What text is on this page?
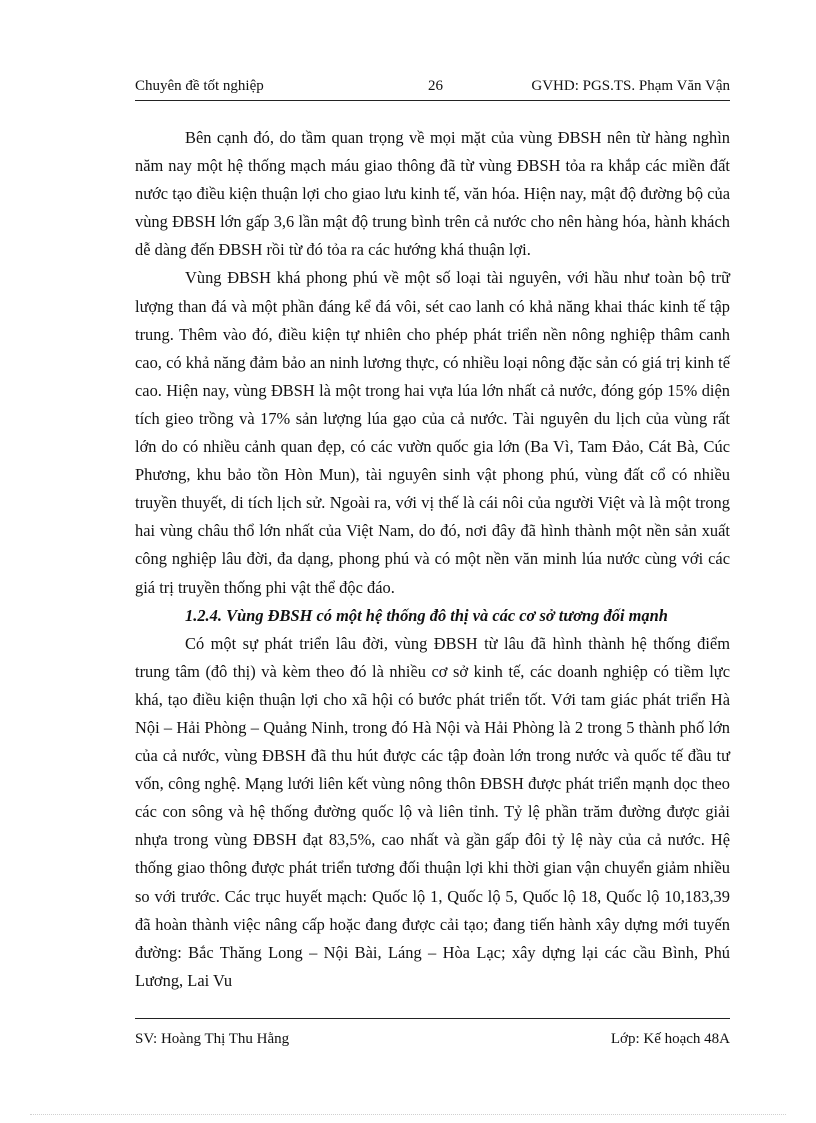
Chuyên đề tốt nghiệp	26	GVHD: PGS.TS. Phạm Văn Vận

Bên cạnh đó, do tầm quan trọng về mọi mặt của vùng ĐBSH nên từ hàng nghìn năm nay một hệ thống mạch máu giao thông đã từ vùng ĐBSH tỏa ra khắp các miền đất nước tạo điều kiện thuận lợi cho giao lưu kinh tế, văn hóa. Hiện nay, mật độ đường bộ của vùng ĐBSH lớn gấp 3,6 lần mật độ trung bình trên cả nước cho nên hàng hóa, hành khách dễ dàng đến ĐBSH rồi từ đó tỏa ra các hướng khá thuận lợi.

Vùng ĐBSH khá phong phú về một số loại tài nguyên, với hầu như toàn bộ trữ lượng than đá và một phần đáng kể đá vôi, sét cao lanh có khả năng khai thác kinh tế tập trung. Thêm vào đó, điều kiện tự nhiên cho phép phát triển nền nông nghiệp thâm canh cao, có khả năng đảm bảo an ninh lương thực, có nhiều loại nông đặc sản có giá trị kinh tế cao. Hiện nay, vùng ĐBSH là một trong hai vựa lúa lớn nhất cả nước, đóng góp 15% diện tích gieo trồng và 17% sản lượng lúa gạo của cả nước. Tài nguyên du lịch của vùng rất lớn do có nhiều cảnh quan đẹp, có các vườn quốc gia lớn (Ba Vì, Tam Đảo, Cát Bà, Cúc Phương, khu bảo tồn Hòn Mun), tài nguyên sinh vật phong phú, vùng đất cổ có nhiều truyền thuyết, di tích lịch sử. Ngoài ra, với vị thế là cái nôi của người Việt và là một trong hai vùng châu thổ lớn nhất của Việt Nam, do đó, nơi đây đã hình thành một nền sản xuất công nghiệp lâu đời, đa dạng, phong phú và có một nền văn minh lúa nước cùng với các giá trị truyền thống phi vật thể độc đáo.

1.2.4. Vùng ĐBSH có một hệ thống đô thị và các cơ sở tương đối mạnh

Có một sự phát triển lâu đời, vùng ĐBSH từ lâu đã hình thành hệ thống điểm trung tâm (đô thị) và kèm theo đó là nhiều cơ sở kinh tế, các doanh nghiệp có tiềm lực khá, tạo điều kiện thuận lợi cho xã hội có bước phát triển tốt. Với tam giác phát triển Hà Nội – Hải Phòng – Quảng Ninh, trong đó Hà Nội và Hải Phòng là 2 trong 5 thành phố lớn của cả nước, vùng ĐBSH đã thu hút được các tập đoàn lớn trong nước và quốc tế đầu tư vốn, công nghệ. Mạng lưới liên kết vùng nông thôn ĐBSH được phát triển mạnh dọc theo các con sông và hệ thống đường quốc lộ và liên tỉnh. Tỷ lệ phần trăm đường được giải nhựa trong vùng ĐBSH đạt 83,5%, cao nhất và gần gấp đôi tỷ lệ này của cả nước. Hệ thống giao thông được phát triển tương đối thuận lợi khi thời gian vận chuyển giảm nhiều so với trước. Các trục huyết mạch: Quốc lộ 1, Quốc lộ 5, Quốc lộ 18, Quốc lộ 10,183,39 đã hoàn thành việc nâng cấp hoặc đang được cải tạo; đang tiến hành xây dựng mới tuyến đường: Bắc Thăng Long – Nội Bài, Láng – Hòa Lạc; xây dựng lại các cầu Bình, Phú Lương, Lai Vu

SV: Hoàng Thị Thu Hằng	Lớp: Kế hoạch 48A
